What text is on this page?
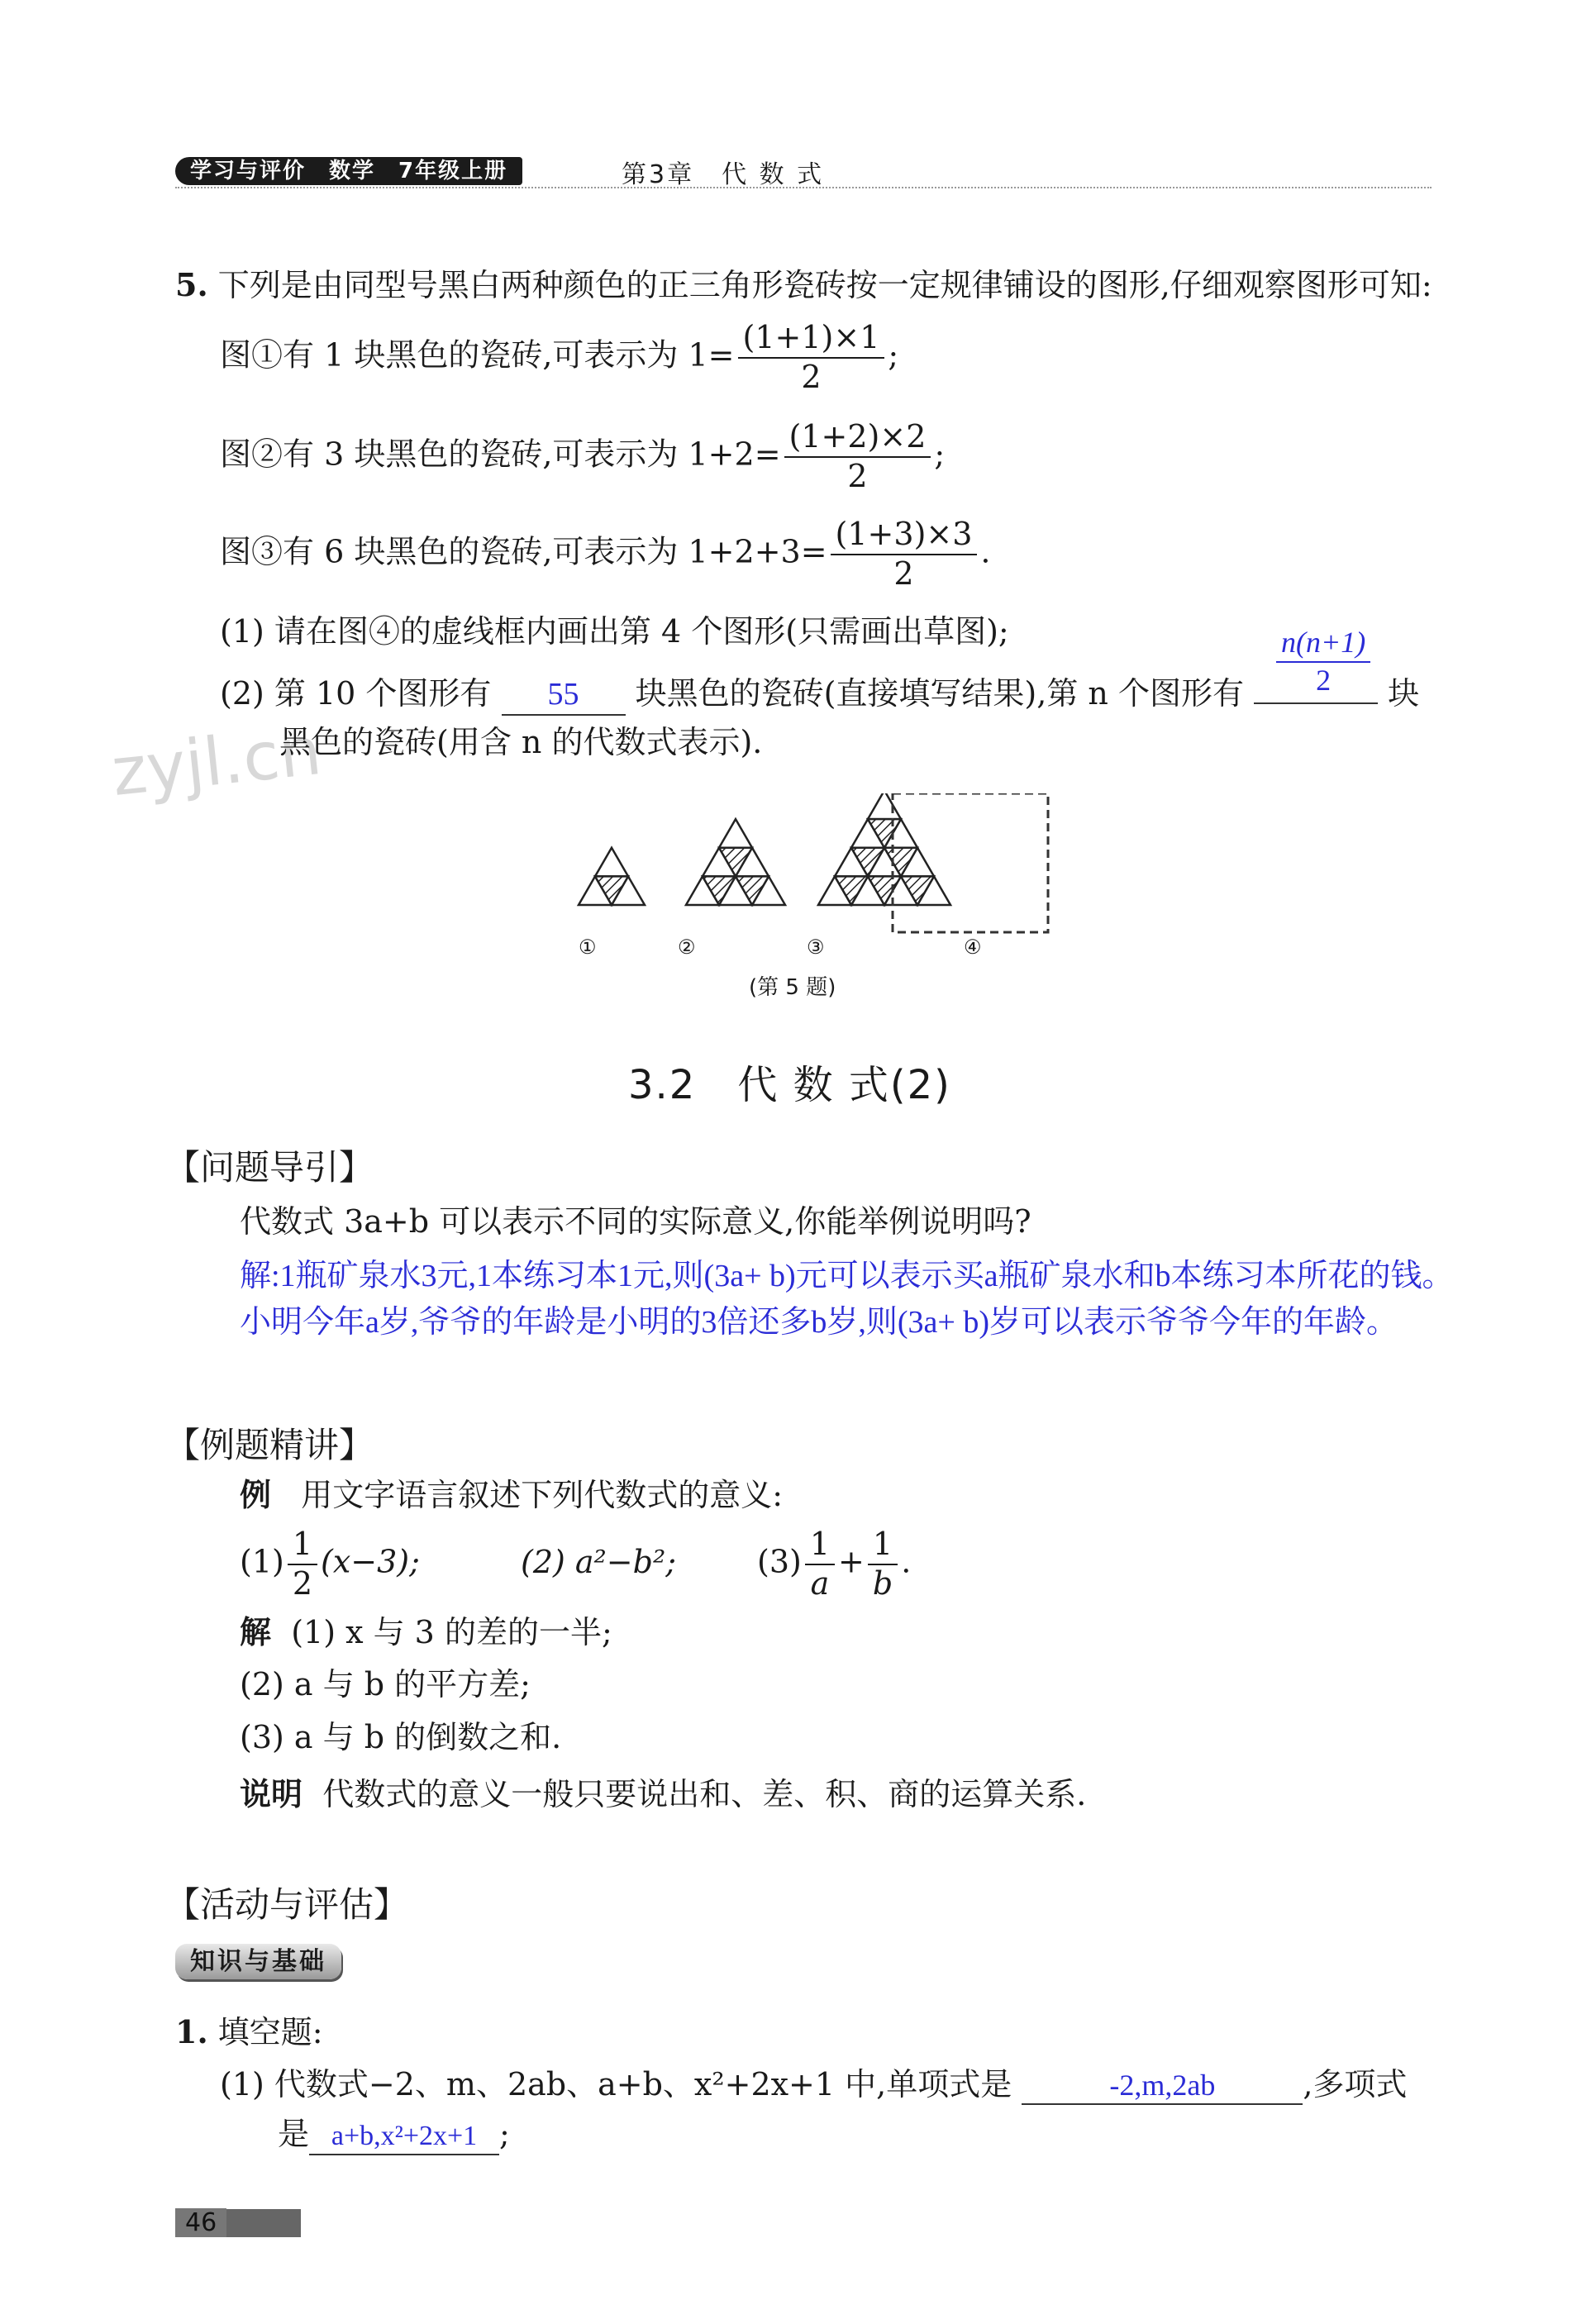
学习与评价　数学　7年级上册	第3章　代 数 式
zyjl.cn
5. 下列是由同型号黑白两种颜色的正三角形瓷砖按一定规律铺设的图形,仔细观察图形可知:
图①有 1 块黑色的瓷砖,可表示为 $1= \frac{(1+1)\times 1}{2}$ ;
图②有 3 块黑色的瓷砖,可表示为 $1+2= \frac{(1+2)\times 2}{2}$ ;
图③有 6 块黑色的瓷砖,可表示为 $1+2+3= \frac{(1+3)\times 3}{2}$ .
(1) 请在图④的虚线框内画出第 4 个图形(只需画出草图);
(2) 第 10 个图形有 55 块黑色的瓷砖(直接填写结果),第 n 个图形有	块
$\frac{n(n+1)}{2}$
黑色的瓷砖(用含 n 的代数式表示).
①	②	③	④
(第 5 题)
3.2　代 数 式(2)
【问题导引】
代数式 3a+b 可以表示不同的实际意义,你能举例说明吗?
解:1瓶矿泉水3元,1本练习本1元,则(3a+ b)元可以表示买a瓶矿泉水和b本练习本所花的钱。
小明今年a岁,爷爷的年龄是小明的3倍还多b岁,则(3a+ b)岁可以表示爷爷今年的年龄。
【例题精讲】
例 用文字语言叙述下列代数式的意义:
$(1) \frac{1}{2} (x-3)$;	(2) a²−b²;	$(3) \frac{1}{a} + \frac{1}{b}$ .
解 (1) x 与 3 的差的一半;
(2) a 与 b 的平方差;
(3) a 与 b 的倒数之和.
说明 代数式的意义一般只要说出和、差、积、商的运算关系.
【活动与评估】
知识与基础
1. 填空题:
(1) 代数式−2、m、2ab、a+b、x²+2x+1 中,单项式是	-2,m,2ab	,多项式
是 a+b,x²+2x+1 ;
46
